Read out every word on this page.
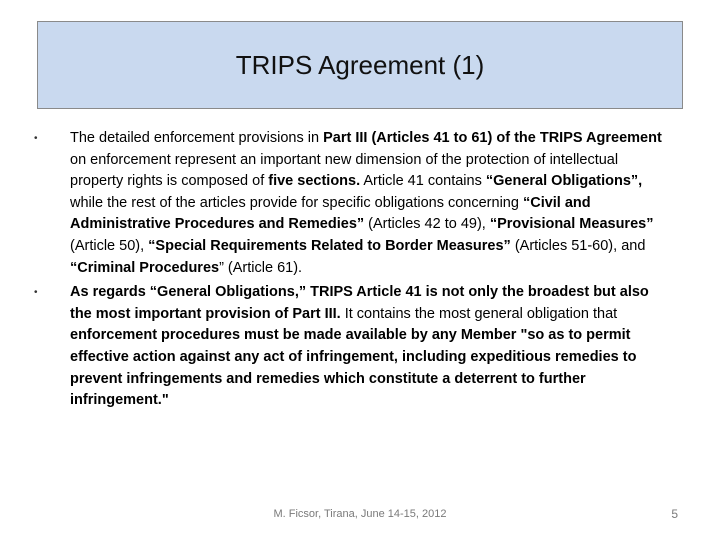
TRIPS Agreement (1)
•	The detailed enforcement provisions in Part III (Articles 41 to 61) of the TRIPS Agreement on enforcement represent an important new dimension of the protection of intellectual property rights is composed of five sections. Article 41 contains “General Obligations”, while the rest of the articles provide for specific obligations concerning “Civil and Administrative Procedures and Remedies” (Articles 42 to 49), “Provisional Measures” (Article 50), “Special Requirements Related to Border Measures” (Articles 51-60), and “Criminal Procedures” (Article 61).
•	As regards “General Obligations,” TRIPS Article 41 is not only the broadest but also the most important provision of Part III. It contains the most general obligation that enforcement procedures must be made available by any Member "so as to permit effective action against any act of infringement, including expeditious remedies to prevent infringements and remedies which constitute a deterrent to further infringement."
M. Ficsor, Tirana, June 14-15, 2012	5
